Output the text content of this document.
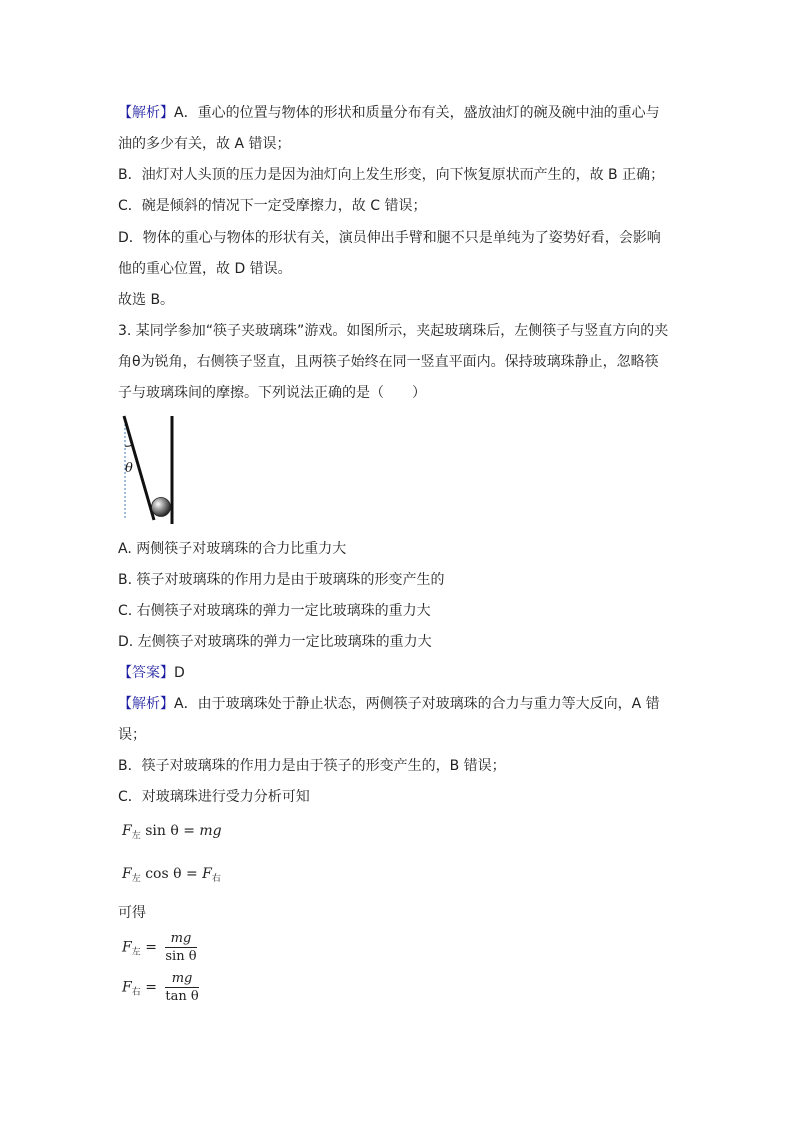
【解析】A．重心的位置与物体的形状和质量分布有关，盛放油灯的碗及碗中油的重心与
油的多少有关，故 A 错误；
B．油灯对人头顶的压力是因为油灯向上发生形变，向下恢复原状而产生的，故 B 正确；
C．碗是倾斜的情况下一定受摩擦力，故 C 错误；
D．物体的重心与物体的形状有关，演员伸出手臂和腿不只是单纯为了姿势好看，会影响
他的重心位置，故 D 错误。
故选 B。
3. 某同学参加“筷子夹玻璃珠”游戏。如图所示，夹起玻璃珠后，左侧筷子与竖直方向的夹
角θ为锐角，右侧筷子竖直，且两筷子始终在同一竖直平面内。保持玻璃珠静止，忽略筷
子与玻璃珠间的摩擦。下列说法正确的是（　　）
θ
A. 两侧筷子对玻璃珠的合力比重力大
B. 筷子对玻璃珠的作用力是由于玻璃珠的形变产生的
C. 右侧筷子对玻璃珠的弹力一定比玻璃珠的重力大
D. 左侧筷子对玻璃珠的弹力一定比玻璃珠的重力大
【答案】D
【解析】A．由于玻璃珠处于静止状态，两侧筷子对玻璃珠的合力与重力等大反向，A 错
误；
B．筷子对玻璃珠的作用力是由于筷子的形变产生的，B 错误；
C．对玻璃珠进行受力分析可知
$F_左$ sin θ = mg
$F_左$ $\cos \theta = F_右$
可得
$F_左 = \frac{mg}{\text{sin θ}}$
$F_右 = \frac{mg}{\text{tan θ}}$
